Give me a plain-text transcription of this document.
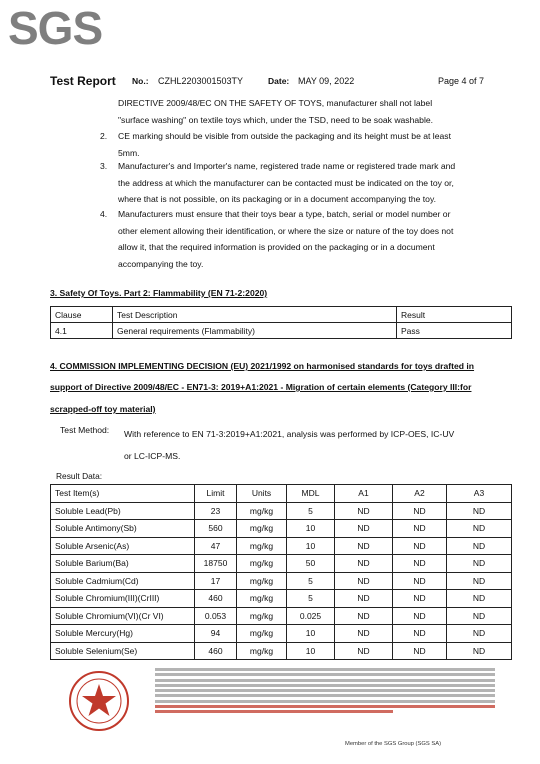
SGS
Test Report No.: CZHL2203001503TY	Date: MAY 09, 2022	Page 4 of 7
DIRECTIVE 2009/48/EC ON THE SAFETY OF TOYS, manufacturer shall not label
"surface washing" on textile toys which, under the TSD, need to be soak washable.
2. CE marking should be visible from outside the packaging and its height must be at least
5mm.
3. Manufacturer's and Importer's name, registered trade name or registered trade mark and
the address at which the manufacturer can be contacted must be indicated on the toy or,
where that is not possible, on its packaging or in a document accompanying the toy.
4. Manufacturers must ensure that their toys bear a type, batch, serial or model number or
other element allowing their identification, or where the size or nature of the toy does not
allow it, that the required information is provided on the packaging or in a document
accompanying the toy.
3. Safety Of Toys. Part 2: Flammability (EN 71-2:2020)
Clause	Test Description	Result
4.1	General requirements (Flammability)	Pass
4. COMMISSION IMPLEMENTING DECISION (EU) 2021/1992 on harmonised standards for toys drafted in
support of Directive 2009/48/EC - EN71-3: 2019+A1:2021 - Migration of certain elements (Category III:for
scrapped-off toy material)
Test Method: With reference to EN 71-3:2019+A1:2021, analysis was performed by ICP-OES, IC-UV
or LC-ICP-MS.
Result Data:
Test Item(s)	Limit	Units	MDL	A1	A2	A3
Soluble Lead(Pb)	23	mg/kg	5	ND	ND	ND
Soluble Antimony(Sb)	560	mg/kg	10	ND	ND	ND
Soluble Arsenic(As)	47	mg/kg	10	ND	ND	ND
Soluble Barium(Ba)	18750	mg/kg	50	ND	ND	ND
Soluble Cadmium(Cd)	17	mg/kg	5	ND	ND	ND
Soluble Chromium(III)(CrIII)	460	mg/kg	5	ND	ND	ND
Soluble Chromium(VI)(Cr VI)	0.053	mg/kg	0.025	ND	ND	ND
Soluble Mercury(Hg)	94	mg/kg	10	ND	ND	ND
Soluble Selenium(Se)	460	mg/kg	10	ND	ND	ND
Member of the SGS Group (SGS SA)
